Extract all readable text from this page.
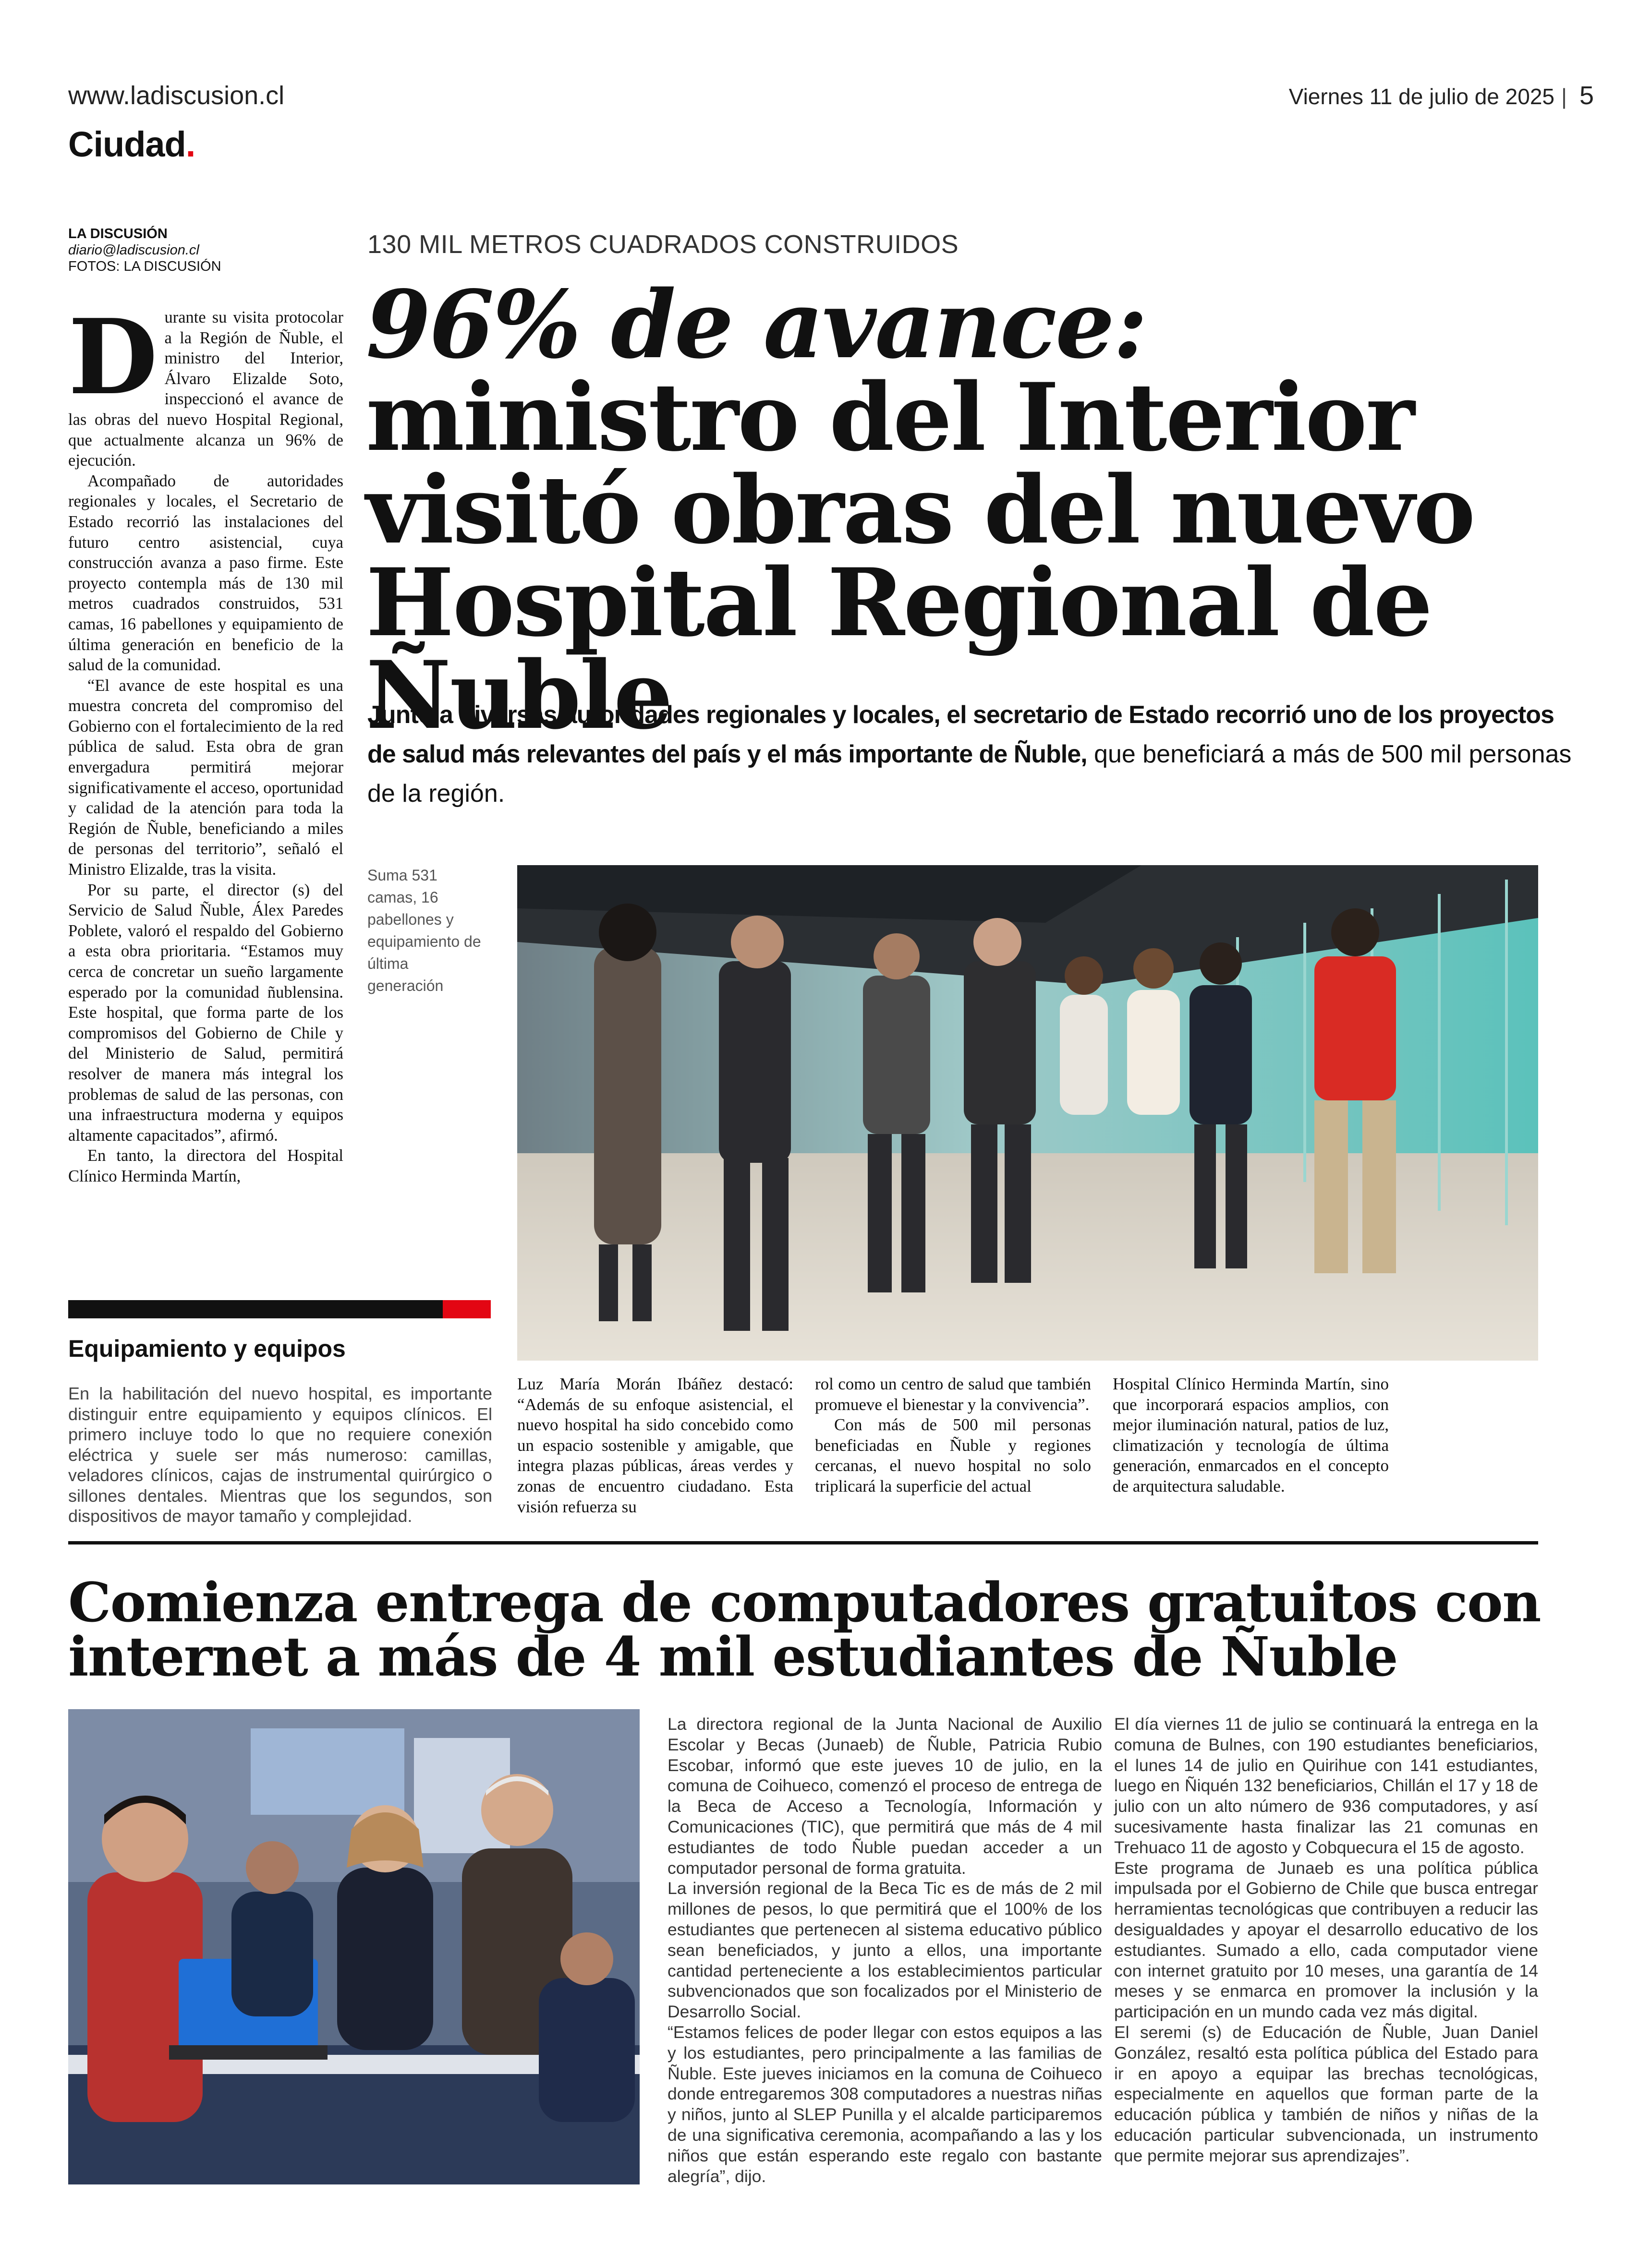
www.ladiscusion.cl
Ciudad.
Viernes 11 de julio de 2025 | 5
LA DISCUSIÓN
diario@ladiscusion.cl
FOTOS: LA DISCUSIÓN
130 MIL METROS CUADRADOS CONSTRUIDOS
96% de avance: ministro del Interior visitó obras del nuevo Hospital Regional de Ñuble
Junto a diversas autoridades regionales y locales, el secretario de Estado recorrió uno de los proyectos de salud más relevantes del país y el más importante de Ñuble, que beneficiará a más de 500 mil personas de la región.

Durante su visita protocolar a la Región de Ñuble, el ministro del Interior, Álvaro Elizalde Soto, inspeccionó el avance de las obras del nuevo Hospital Regional, que actualmente alcanza un 96% de ejecución.

Acompañado de autoridades regionales y locales, el Secretario de Estado recorrió las instalaciones del futuro centro asistencial, cuya construcción avanza a paso firme. Este proyecto contempla más de 130 mil metros cuadrados construidos, 531 camas, 16 pabellones y equipamiento de última generación en beneficio de la salud de la comunidad.

“El avance de este hospital es una muestra concreta del compromiso del Gobierno con el fortalecimiento de la red pública de salud. Esta obra de gran envergadura permitirá mejorar significativamente el acceso, oportunidad y calidad de la atención para toda la Región de Ñuble, beneficiando a miles de personas del territorio”, señaló el Ministro Elizalde, tras la visita.

Por su parte, el director (s) del Servicio de Salud Ñuble, Álex Paredes Poblete, valoró el respaldo del Gobierno a esta obra prioritaria. “Estamos muy cerca de concretar un sueño largamente esperado por la comunidad ñublensina. Este hospital, que forma parte de los compromisos del Gobierno de Chile y del Ministerio de Salud, permitirá resolver de manera más integral los problemas de salud de las personas, con una infraestructura moderna y equipos altamente capacitados”, afirmó.

En tanto, la directora del Hospital Clínico Herminda Martín,

Suma 531 camas, 16 pabellones y equipamiento de última generación
Equipamiento y equipos
En la habilitación del nuevo hospital, es importante distinguir entre equipamiento y equipos clínicos. El primero incluye todo lo que no requiere conexión eléctrica y suele ser más numeroso: camillas, veladores clínicos, cajas de instrumental quirúrgico o sillones dentales. Mientras que los segundos, son dispositivos de mayor tamaño y complejidad.

Luz María Morán Ibáñez destacó: “Además de su enfoque asistencial, el nuevo hospital ha sido concebido como un espacio sostenible y amigable, que integra plazas públicas, áreas verdes y zonas de encuentro ciudadano. Esta visión refuerza su

rol como un centro de salud que también promueve el bienestar y la convivencia”.

Con más de 500 mil personas beneficiadas en Ñuble y regiones cercanas, el nuevo hospital no solo triplicará la superficie del actual

Hospital Clínico Herminda Martín, sino que incorporará espacios amplios, con mejor iluminación natural, patios de luz, climatización y tecnología de última generación, enmarcados en el concepto de arquitectura saludable.

Comienza entrega de computadores gratuitos con internet a más de 4 mil estudiantes de Ñuble

La directora regional de la Junta Nacional de Auxilio Escolar y Becas (Junaeb) de Ñuble, Patricia Rubio Escobar, informó que este jueves 10 de julio, en la comuna de Coihueco, comenzó el proceso de entrega de la Beca de Acceso a Tecnología, Información y Comunicaciones (TIC), que permitirá que más de 4 mil estudiantes de todo Ñuble puedan acceder a un computador personal de forma gratuita.

La inversión regional de la Beca Tic es de más de 2 mil millones de pesos, lo que permitirá que el 100% de los estudiantes que pertenecen al sistema educativo público sean beneficiados, y junto a ellos, una importante cantidad perteneciente a los establecimientos particular subvencionados que son focalizados por el Ministerio de Desarrollo Social.

“Estamos felices de poder llegar con estos equipos a las y los estudiantes, pero principalmente a las familias de Ñuble. Este jueves iniciamos en la comuna de Coihueco donde entregaremos 308 computadores a nuestras niñas y niños, junto al SLEP Punilla y el alcalde participaremos de una significativa ceremonia, acompañando a las y los niños que están esperando este regalo con bastante alegría”, dijo.

El día viernes 11 de julio se continuará la entrega en la comuna de Bulnes, con 190 estudiantes beneficiarios, el lunes 14 de julio en Quirihue con 141 estudiantes, luego en Ñiquén 132 beneficiarios, Chillán el 17 y 18 de julio con un alto número de 936 computadores, y así sucesivamente hasta finalizar las 21 comunas en Trehuaco 11 de agosto y Cobquecura el 15 de agosto.

Este programa de Junaeb es una política pública impulsada por el Gobierno de Chile que busca entregar herramientas tecnológicas que contribuyen a reducir las desigualdades y apoyar el desarrollo educativo de los estudiantes. Sumado a ello, cada computador viene con internet gratuito por 10 meses, una garantía de 14 meses y se enmarca en promover la inclusión y la participación en un mundo cada vez más digital.

El seremi (s) de Educación de Ñuble, Juan Daniel González, resaltó esta política pública del Estado para ir en apoyo a equipar las brechas tecnológicas, especialmente en aquellos que forman parte de la educación pública y también de niños y niñas de la educación particular subvencionada, un instrumento que permite mejorar sus aprendizajes”.
